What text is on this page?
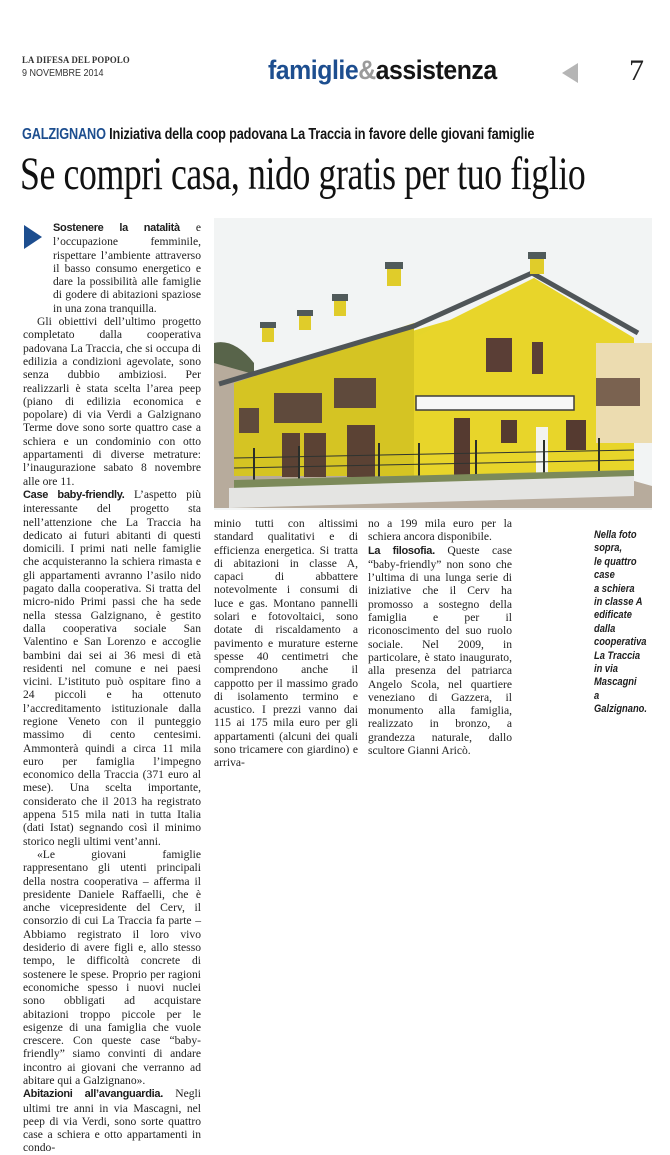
LA DIFESA DEL POPOLO
9 NOVEMBRE 2014	famiglie&assistenza	7
GALZIGNANO Iniziativa della coop padovana La Traccia in favore delle giovani famiglie
Se compri casa, nido gratis per tuo figlio

Sostenere la natalità e l’occupazione femminile, rispettare l’ambiente attraverso il basso consumo energetico e dare la possibilità alle famiglie di godere di abitazioni spaziose in una zona tranquilla.

Gli obiettivi dell’ultimo progetto completato dalla cooperativa padovana La Traccia, che si occupa di edilizia a condizioni agevolate, sono senza dubbio ambiziosi. Per realizzarli è stata scelta l’area peep (piano di edilizia economica e popolare) di via Verdi a Galzignano Terme dove sono sorte quattro case a schiera e un condominio con otto appartamenti di diverse metrature: l’inaugurazione sabato 8 novembre alle ore 11.

Case baby-friendly. L’aspetto più interessante del progetto sta nell’attenzione che La Traccia ha dedicato ai futuri abitanti di questi domicili. I primi nati nelle famiglie che acquisteranno la schiera rimasta e gli appartamenti avranno l’asilo nido pagato dalla cooperativa. Si tratta del micro-nido Primi passi che ha sede nella stessa Galzignano, è gestito dalla cooperativa sociale San Valentino e San Lorenzo e accoglie bambini dai sei ai 36 mesi di età residenti nel comune e nei paesi vicini. L’istituto può ospitare fino a 24 piccoli e ha ottenuto l’accreditamento istituzionale dalla regione Veneto con il punteggio massimo di cento centesimi. Ammonterà quindi a circa 11 mila euro per famiglia l’impegno economico della Traccia (371 euro al mese). Una scelta importante, considerato che il 2013 ha registrato appena 515 mila nati in tutta Italia (dati Istat) segnando così il minimo storico negli ultimi vent’anni.

«Le giovani famiglie rappresentano gli utenti principali della nostra cooperativa – afferma il presidente Daniele Raffaelli, che è anche vicepresidente del Cerv, il consorzio di cui La Traccia fa parte – Abbiamo registrato il loro vivo desiderio di avere figli e, allo stesso tempo, le difficoltà concrete di sostenere le spese. Proprio per ragioni economiche spesso i nuovi nuclei sono obbligati ad acquistare abitazioni troppo piccole per le esigenze di una famiglia che vuole crescere. Con queste case “baby-friendly” siamo convinti di andare incontro ai giovani che verranno ad abitare qui a Galzignano».

Abitazioni all’avanguardia. Negli ultimi tre anni in via Mascagni, nel peep di via Verdi, sono sorte quattro case a schiera e otto appartamenti in condo-

minio tutti con altissimi standard qualitativi e di efficienza energetica. Si tratta di abitazioni in classe A, capaci di abbattere notevolmente i consumi di luce e gas. Montano pannelli solari e fotovoltaici, sono dotate di riscaldamento a pavimento e murature esterne spesse 40 centimetri che comprendono anche il cappotto per il massimo grado di isolamento termino e acustico. I prezzi vanno dai 115 ai 175 mila euro per gli appartamenti (alcuni dei quali sono tricamere con giardino) e arriva-

no a 199 mila euro per la schiera ancora disponibile.

La filosofia. Queste case “baby-friendly” non sono che l’ultima di una lunga serie di iniziative che il Cerv ha promosso a sostegno della famiglia e per il riconoscimento del suo ruolo sociale. Nel 2009, in particolare, è stato inaugurato, alla presenza del patriarca Angelo Scola, nel quartiere veneziano di Gazzera, il monumento alla famiglia, realizzato in bronzo, a grandezza naturale, dallo scultore Gianni Aricò.

Nella foto
sopra,
le quattro
case
a schiera
in classe A
edificate
dalla
cooperativa
La Traccia
in via
Mascagni
a Galzignano.
